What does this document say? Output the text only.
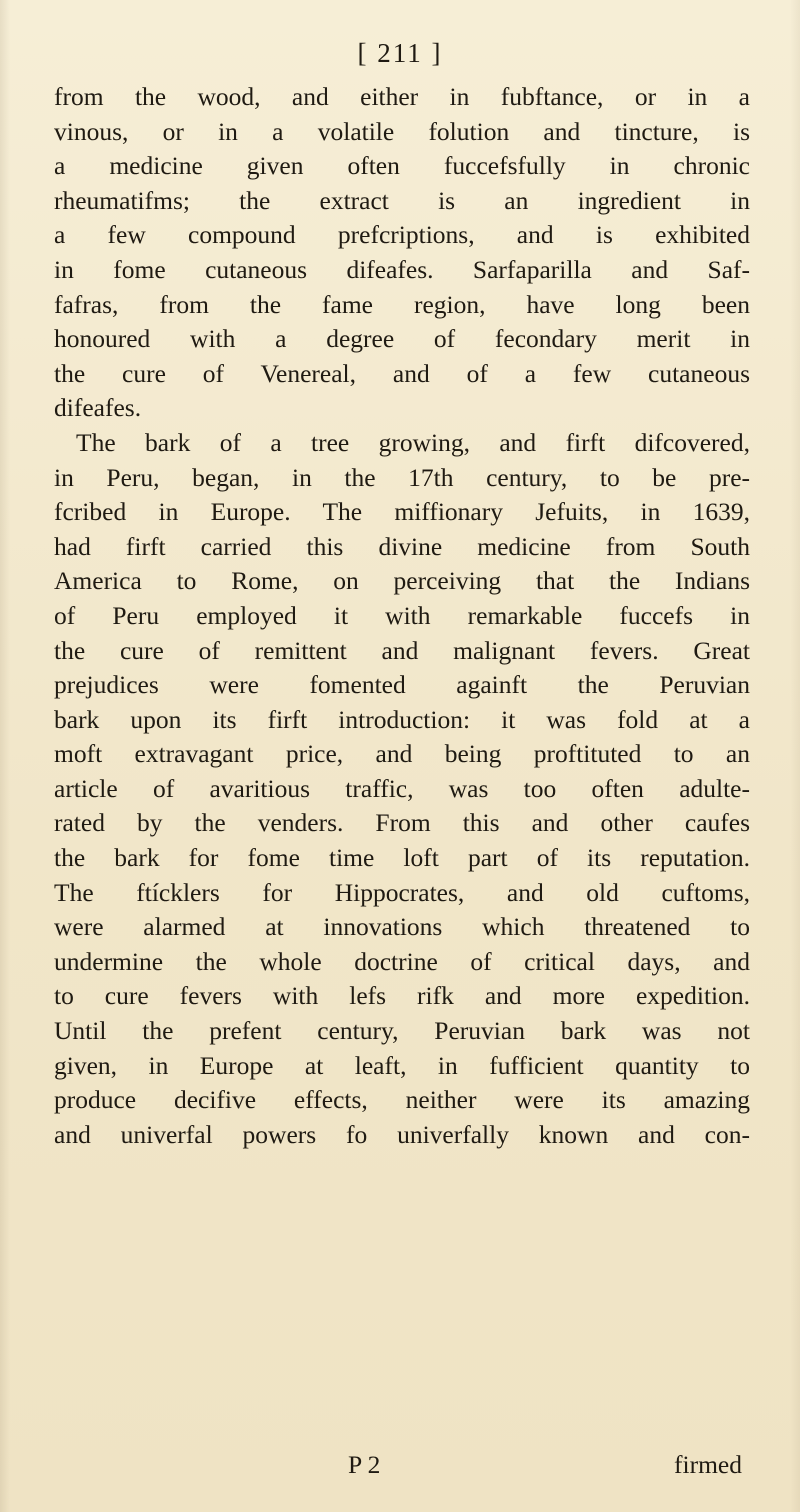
[ 211 ]
from the wood, and either in fubftance, or in a
vinous, or in a volatile folution and tincture, is
a medicine given often fuccefsfully in chronic
rheumatifms; the extract is an ingredient in
a few compound prefcriptions, and is exhibited
in fome cutaneous difeafes. Sarfaparilla and Saf-
fafras, from the fame region, have long been
honoured with a degree of fecondary merit in
the cure of Venereal, and of a few cutaneous
difeafes.
The bark of a tree growing, and firft difcovered,
in Peru, began, in the 17th century, to be pre-
fcribed in Europe. The miffionary Jefuits, in 1639,
had firft carried this divine medicine from South
America to Rome, on perceiving that the Indians
of Peru employed it with remarkable fuccefs in
the cure of remittent and malignant fevers. Great
prejudices were fomented againft the Peruvian
bark upon its firft introduction: it was fold at a
moft extravagant price, and being proftituted to an
article of avaritious traffic, was too often adulte-
rated by the venders. From this and other caufes
the bark for fome time loft part of its reputation.
The ftícklers for Hippocrates, and old cuftoms,
were alarmed at innovations which threatened to
undermine the whole doctrine of critical days, and
to cure fevers with lefs rifk and more expedition.
Until the prefent century, Peruvian bark was not
given, in Europe at leaft, in fufficient quantity to
produce decifive effects, neither were its amazing
and univerfal powers fo univerfally known and con-
P 2	firmed
